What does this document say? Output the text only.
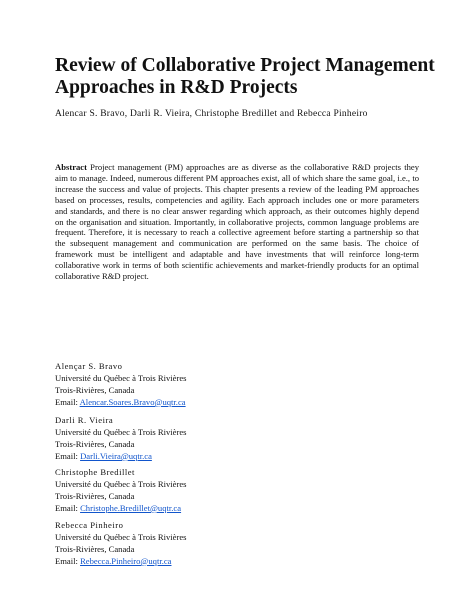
Review of Collaborative Project Management
Approaches in R&D Projects
Alencar S. Bravo, Darli R. Vieira, Christophe Bredillet and Rebecca Pinheiro

Abstract Project management (PM) approaches are as diverse as the collaborative R&D projects they aim to manage. Indeed, numerous different PM approaches exist, all of which share the same goal, i.e., to increase the success and value of projects. This chapter presents a review of the leading PM approaches based on processes, results, competencies and agility. Each approach includes one or more parameters and standards, and there is no clear answer regarding which approach, as their outcomes highly depend on the organisation and situation. Importantly, in collaborative projects, common language problems are frequent. Therefore, it is necessary to reach a collective agreement before starting a partnership so that the subsequent management and communication are performed on the same basis. The choice of framework must be intelligent and adaptable and have investments that will reinforce long-term collaborative work in terms of both scientific achievements and market-friendly products for an optimal collaborative R&D project.

Alençar S. Bravo
Université du Québec à Trois Rivières
Trois-Rivières, Canada
Email: Alencar.Soares.Bravo@uqtr.ca
Darli R. Vieira
Université du Québec à Trois Rivières
Trois-Rivières, Canada
Email: Darli.Vieira@uqtr.ca
Christophe Bredillet
Université du Québec à Trois Rivières
Trois-Rivières, Canada
Email: Christophe.Bredillet@uqtr.ca
Rebecca Pinheiro
Université du Québec à Trois Rivières
Trois-Rivières, Canada
Email: Rebecca.Pinheiro@uqtr.ca
